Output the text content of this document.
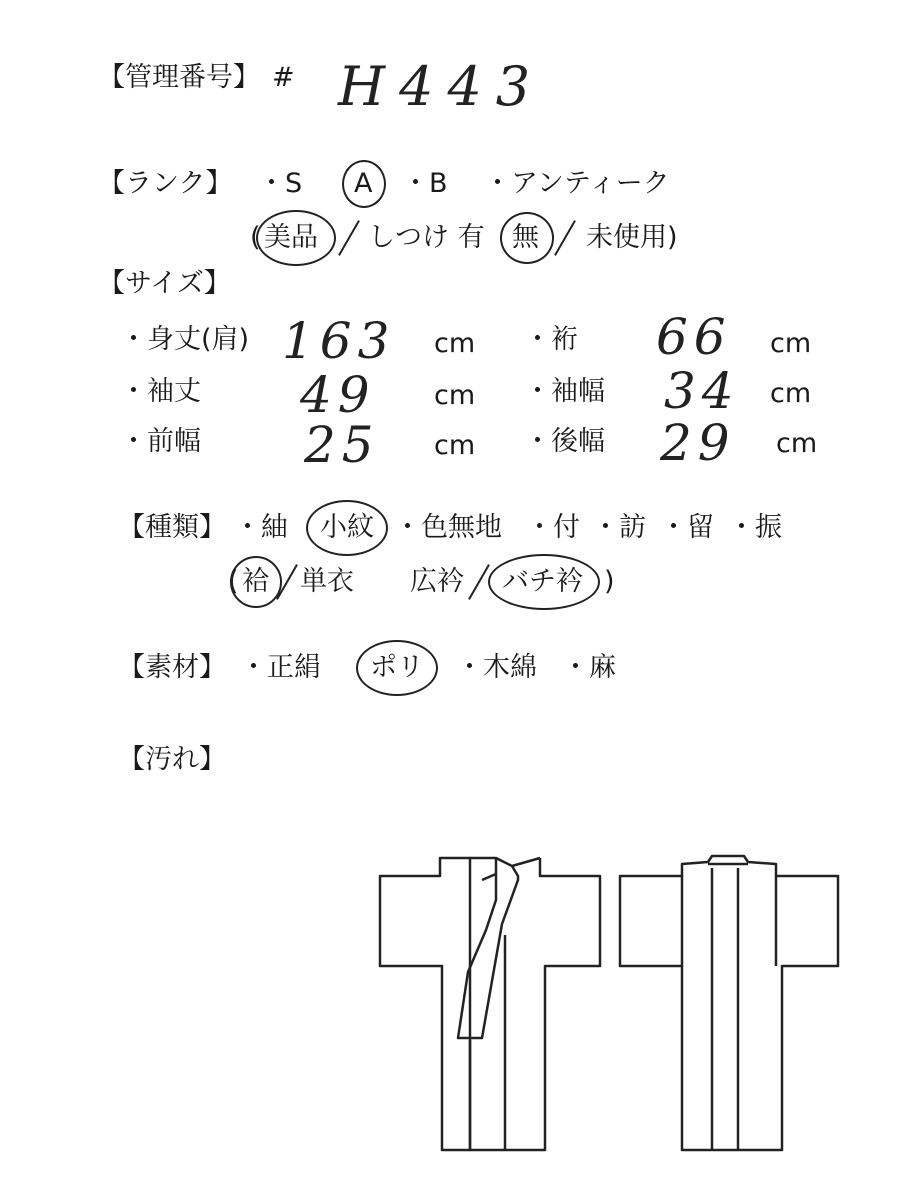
【管理番号】 # H443
【ランク】 ・S A ・B ・アンティーク
( 美品 しつけ 有 無 未使用)
【サイズ】
・身丈(肩) 163 cm ・裄 66 cm
・袖丈 49 cm ・袖幅 34 cm
・前幅 25 cm ・後幅 29 cm
【種類】 ・紬 小紋 ・色無地 ・付 ・訪 ・留 ・振
( 袷 単衣 広衿 バチ衿 )
【素材】 ・正絹 ポリ ・木綿 ・麻
【汚れ】
